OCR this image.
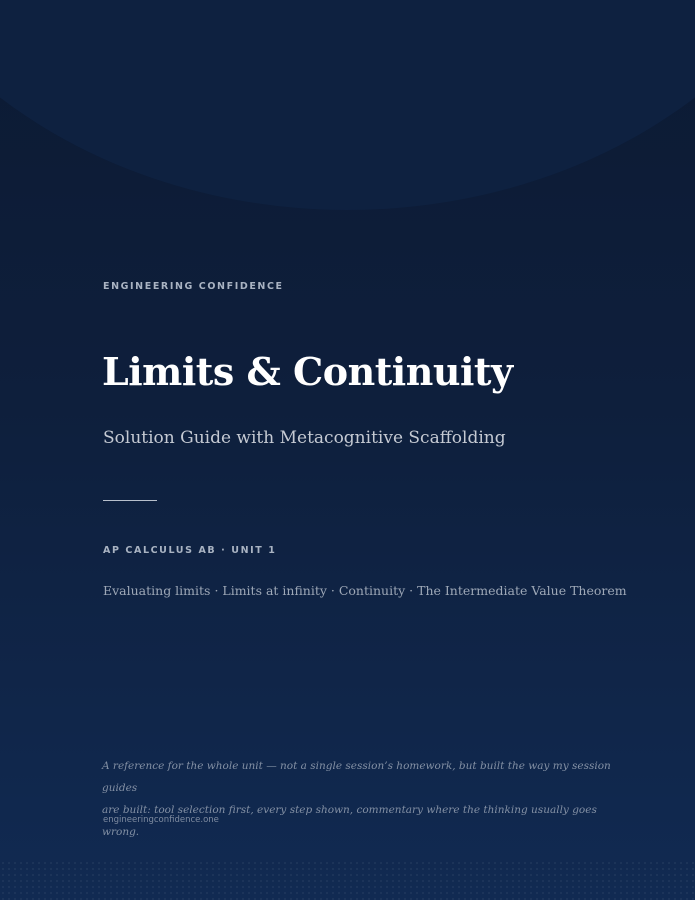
ENGINEERING CONFIDENCE
Limits & Continuity
Solution Guide with Metacognitive Scaffolding
AP CALCULUS AB · UNIT 1
Evaluating limits · Limits at infinity · Continuity · The Intermediate Value Theorem
A reference for the whole unit — not a single session’s homework, but built the way my session guides
are built: tool selection first, every step shown, commentary where the thinking usually goes wrong.
engineeringconfidence.one
